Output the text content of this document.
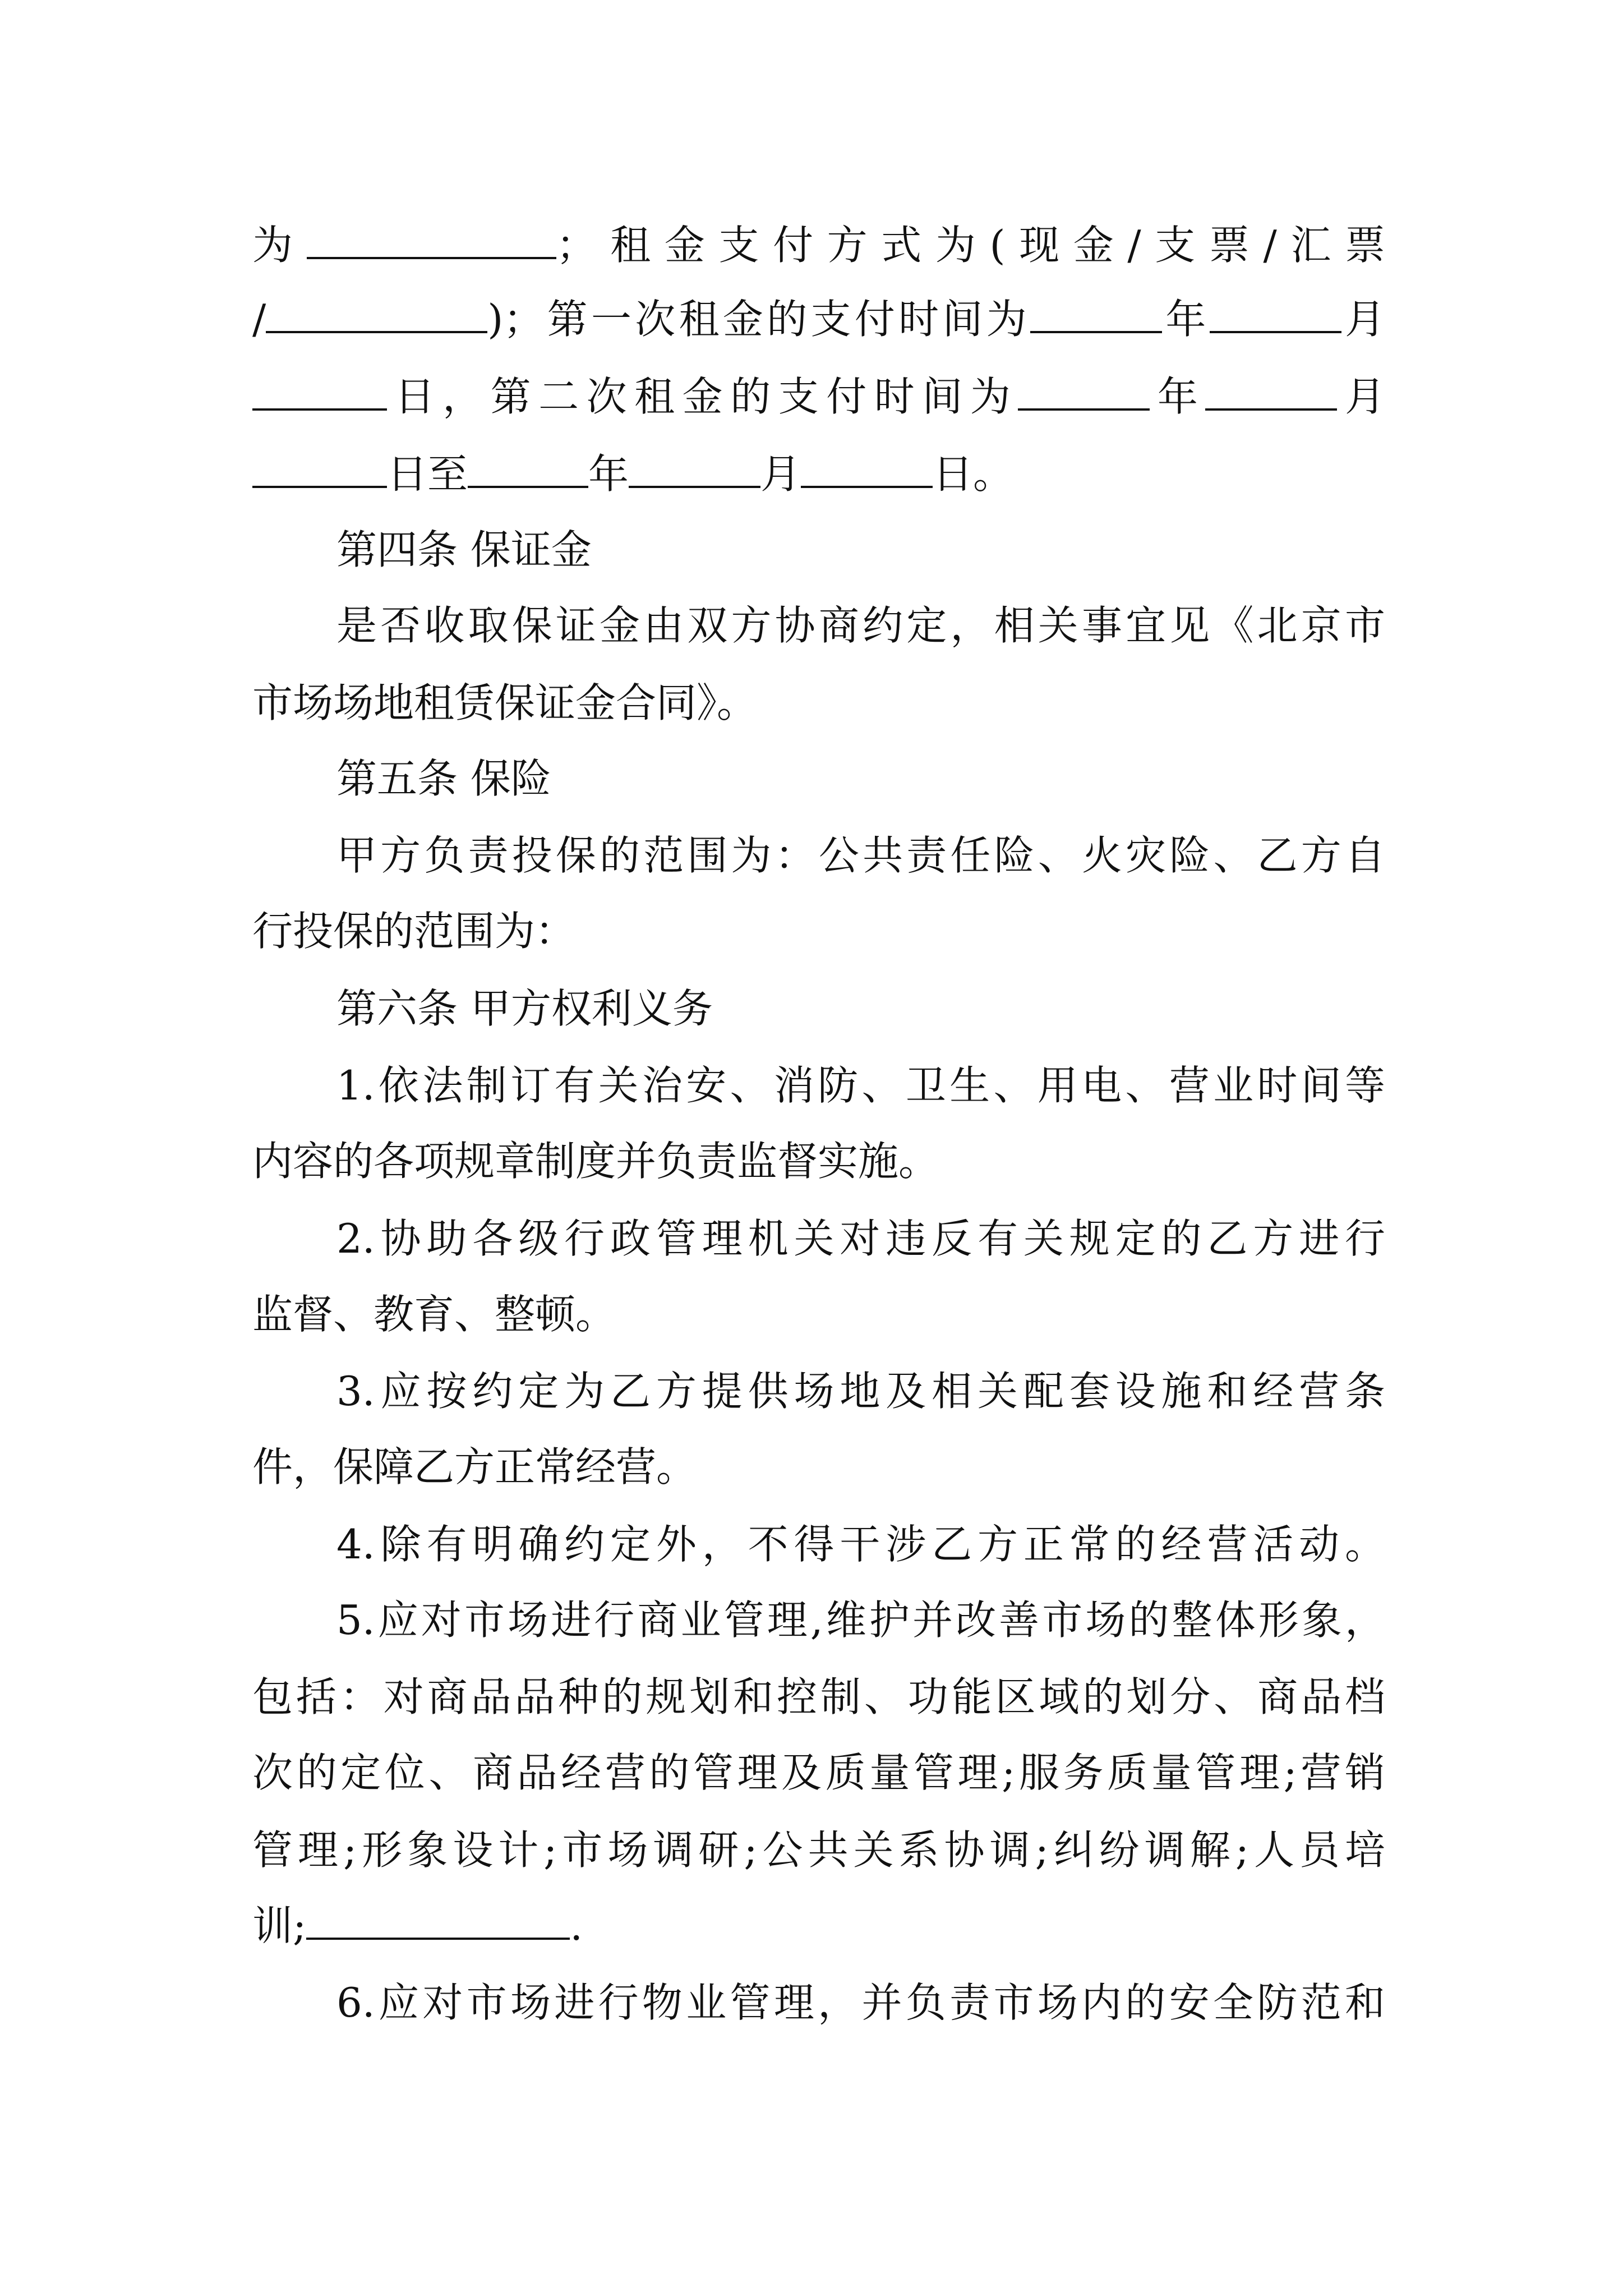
为	；租金支付方式为(现金/支票/汇票
/	)；第一次租金的支付时间为	年	月
日，第二次租金的支付时间为	年	月
日至	年	月	日。
第四条 保证金
是否收取保证金由双方协商约定，相关事宜见《北京市
市场场地租赁保证金合同》。
第五条 保险
甲方负责投保的范围为：公共责任险、火灾险、乙方自
行投保的范围为：
第六条 甲方权利义务
1.依法制订有关治安、消防、卫生、用电、营业时间等
内容的各项规章制度并负责监督实施。
2.协助各级行政管理机关对违反有关规定的乙方进行
监督、教育、整顿。
3.应按约定为乙方提供场地及相关配套设施和经营条
件，保障乙方正常经营。
4.除有明确约定外，不得干涉乙方正常的经营活动。
5.应对市场进行商业管理,维护并改善市场的整体形象，
包括：对商品品种的规划和控制、功能区域的划分、商品档
次的定位、商品经营的管理及质量管理;服务质量管理;营销
管理;形象设计;市场调研;公共关系协调;纠纷调解;人员培
训;	.
6.应对市场进行物业管理，并负责市场内的安全防范和
